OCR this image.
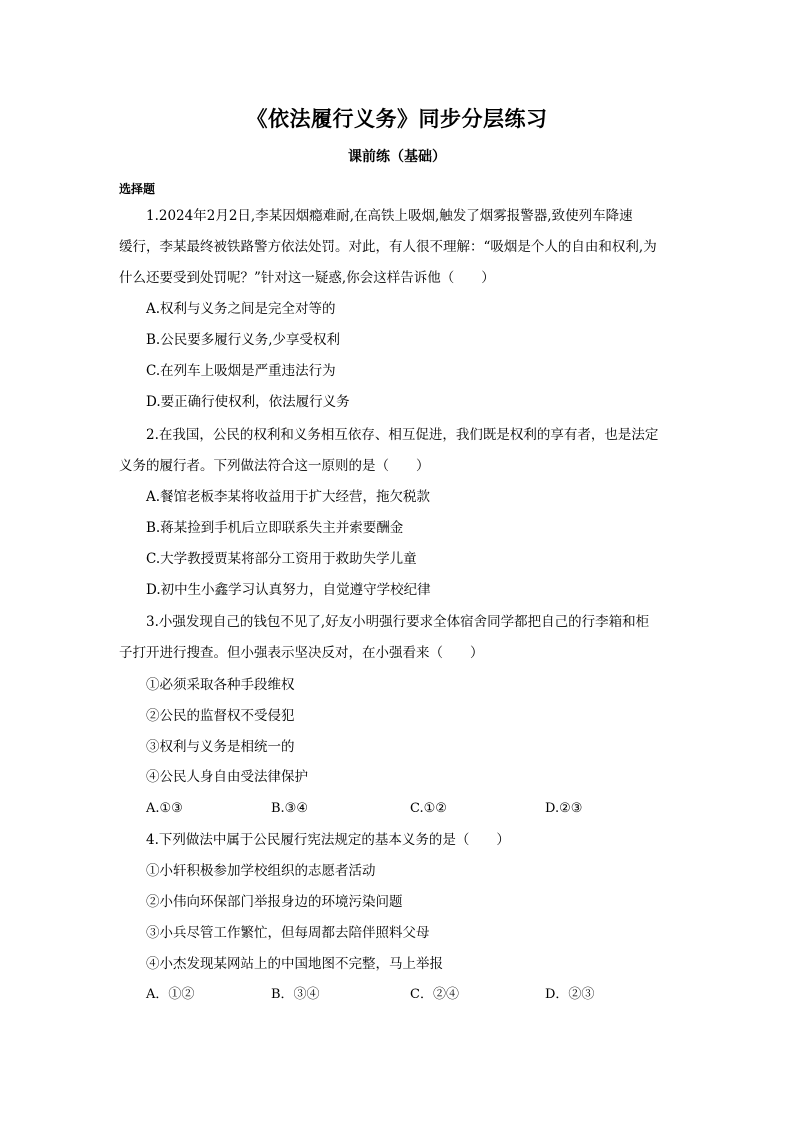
《依法履行义务》同步分层练习
课前练（基础）
选择题
1.2024年2月2日,李某因烟瘾难耐,在高铁上吸烟,触发了烟雾报警器,致使列车降速
缓行，李某最终被铁路警方依法处罚。对此，有人很不理解：“吸烟是个人的自由和权利,为
什么还要受到处罚呢？”针对这一疑惑,你会这样告诉他（　　）
A.权利与义务之间是完全对等的
B.公民要多履行义务,少享受权利
C.在列车上吸烟是严重违法行为
D.要正确行使权利，依法履行义务
2.在我国，公民的权利和义务相互依存、相互促进，我们既是权利的享有者，也是法定
义务的履行者。下列做法符合这一原则的是（　　）
A.餐馆老板李某将收益用于扩大经营，拖欠税款
B.蒋某捡到手机后立即联系失主并索要酬金
C.大学教授贾某将部分工资用于救助失学儿童
D.初中生小鑫学习认真努力，自觉遵守学校纪律
3.小强发现自己的钱包不见了,好友小明强行要求全体宿舍同学都把自己的行李箱和柜
子打开进行搜查。但小强表示坚决反对，在小强看来（　　）
①必须采取各种手段维权
②公民的监督权不受侵犯
③权利与义务是相统一的
④公民人身自由受法律保护
A.①③	B.③④	C.①②	D.②③
4.下列做法中属于公民履行宪法规定的基本义务的是（　　）
①小轩积极参加学校组织的志愿者活动
②小伟向环保部门举报身边的环境污染问题
③小兵尽管工作繁忙，但每周都去陪伴照料父母
④小杰发现某网站上的中国地图不完整，马上举报
A．①②	B．③④	C．②④	D．②③
